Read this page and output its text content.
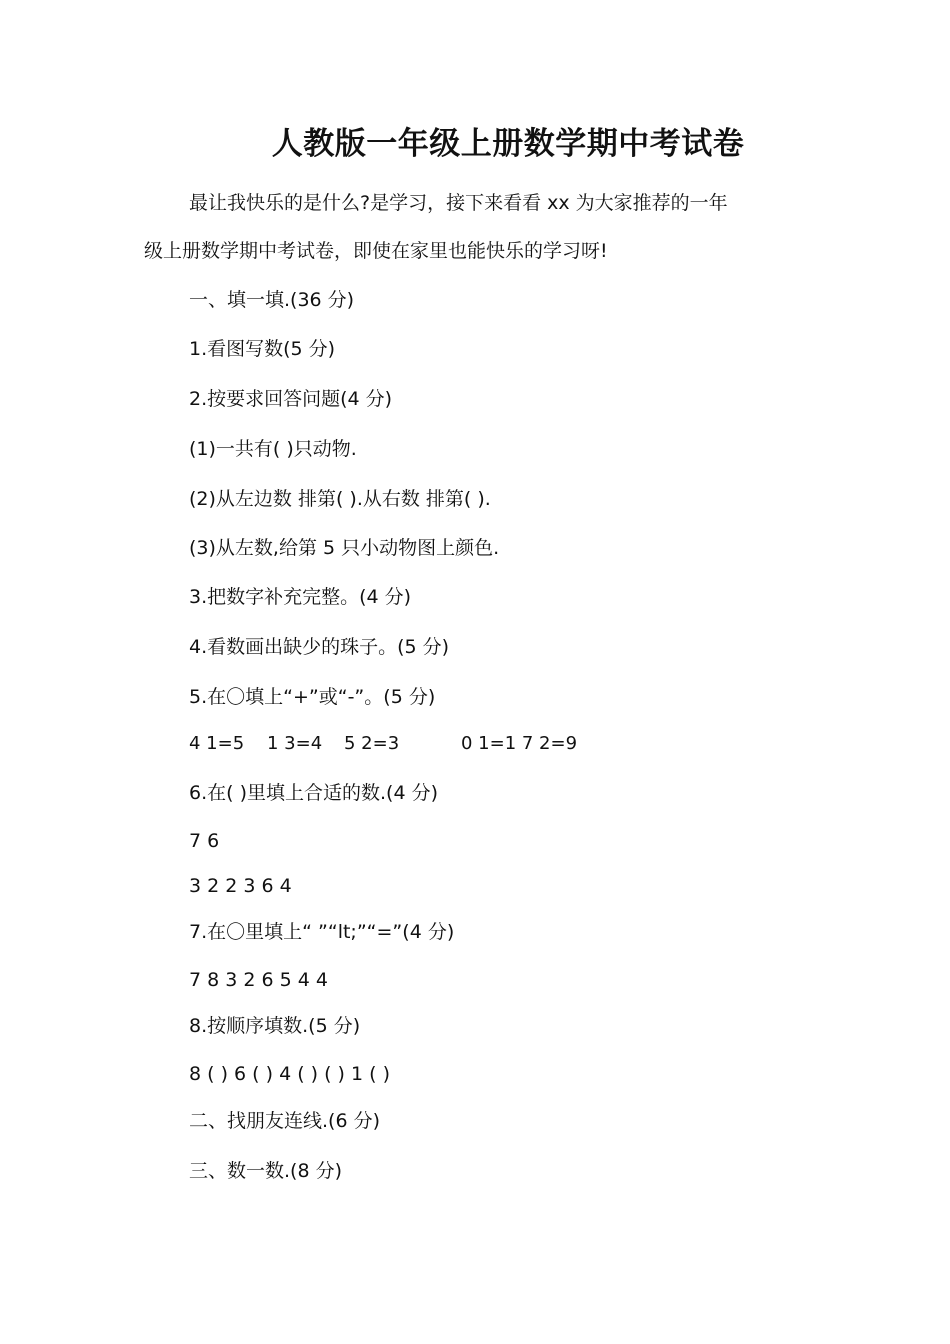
人教版一年级上册数学期中考试卷
最让我快乐的是什么?是学习，接下来看看 xx 为大家推荐的一年
级上册数学期中考试卷，即使在家里也能快乐的学习呀!
一、填一填.(36 分)
1.看图写数(5 分)
2.按要求回答问题(4 分)
(1)一共有( )只动物.
(2)从左边数 排第( ).从右数 排第( ).
(3)从左数,给第 5 只小动物图上颜色.
3.把数字补充完整。(4 分)
4.看数画出缺少的珠子。(5 分)
5.在〇填上“+”或“-”。(5 分)
4 1=5 1 3=4 5 2=3	0 1=1 7 2=9
6.在( )里填上合适的数.(4 分)
7 6
3 2 2 3 6 4
7.在〇里填上“ ”“lt;”“=”(4 分)
7 8 3 2 6 5 4 4
8.按顺序填数.(5 分)
8 ( ) 6 ( ) 4 ( ) ( ) 1 ( )
二、找朋友连线.(6 分)
三、数一数.(8 分)
